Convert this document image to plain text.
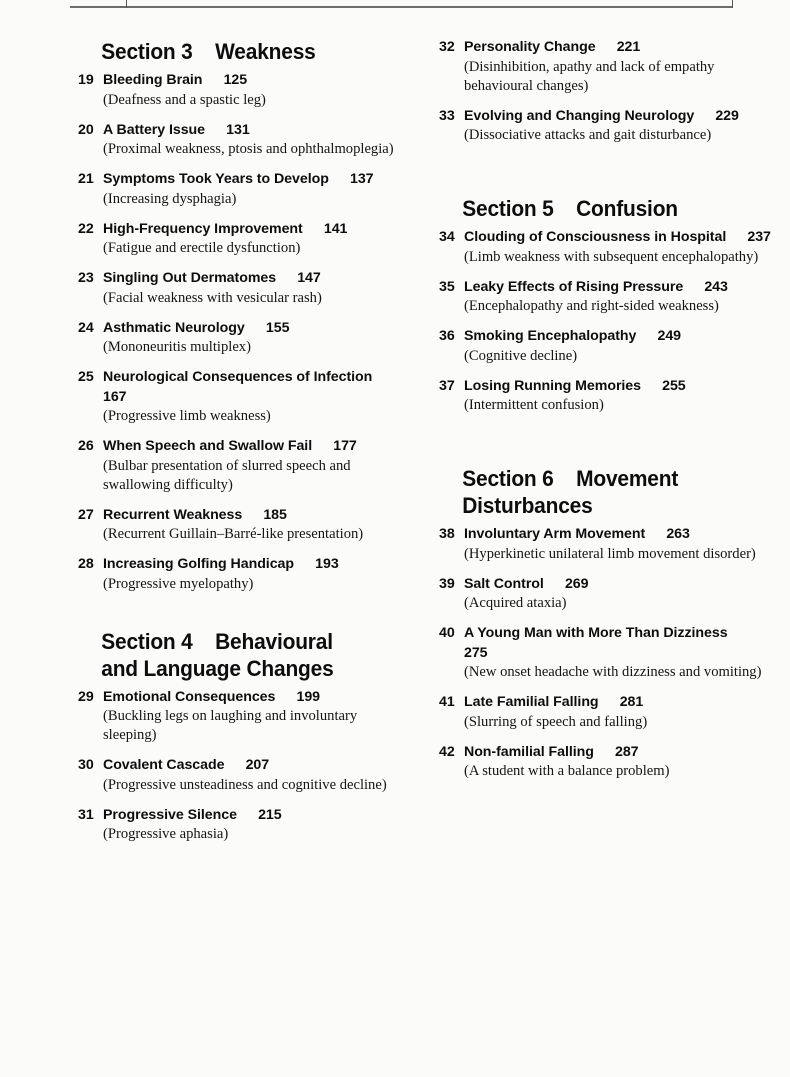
Section 3    Weakness
19 Bleeding Brain    125
(Deafness and a spastic leg)
20 A Battery Issue    131
(Proximal weakness, ptosis and ophthalmoplegia)
21 Symptoms Took Years to Develop    137
(Increasing dysphagia)
22 High-Frequency Improvement    141
(Fatigue and erectile dysfunction)
23 Singling Out Dermatomes    147
(Facial weakness with vesicular rash)
24 Asthmatic Neurology    155
(Mononeuritis multiplex)
25 Neurological Consequences of Infection   167
(Progressive limb weakness)
26 When Speech and Swallow Fail    177
(Bulbar presentation of slurred speech and swallowing difficulty)
27 Recurrent Weakness    185
(Recurrent Guillain–Barré-like presentation)
28 Increasing Golfing Handicap    193
(Progressive myelopathy)
Section 4    Behavioural and Language Changes
29 Emotional Consequences    199
(Buckling legs on laughing and involuntary sleeping)
30 Covalent Cascade    207
(Progressive unsteadiness and cognitive decline)
31 Progressive Silence    215
(Progressive aphasia)
32 Personality Change    221
(Disinhibition, apathy and lack of empathy behavioural changes)
33 Evolving and Changing Neurology    229
(Dissociative attacks and gait disturbance)
Section 5    Confusion
34 Clouding of Consciousness in Hospital    237
(Limb weakness with subsequent encephalopathy)
35 Leaky Effects of Rising Pressure    243
(Encephalopathy and right-sided weakness)
36 Smoking Encephalopathy    249
(Cognitive decline)
37 Losing Running Memories    255
(Intermittent confusion)
Section 6    Movement Disturbances
38 Involuntary Arm Movement    263
(Hyperkinetic unilateral limb movement disorder)
39 Salt Control    269
(Acquired ataxia)
40 A Young Man with More Than Dizziness   275
(New onset headache with dizziness and vomiting)
41 Late Familial Falling    281
(Slurring of speech and falling)
42 Non-familial Falling    287
(A student with a balance problem)
